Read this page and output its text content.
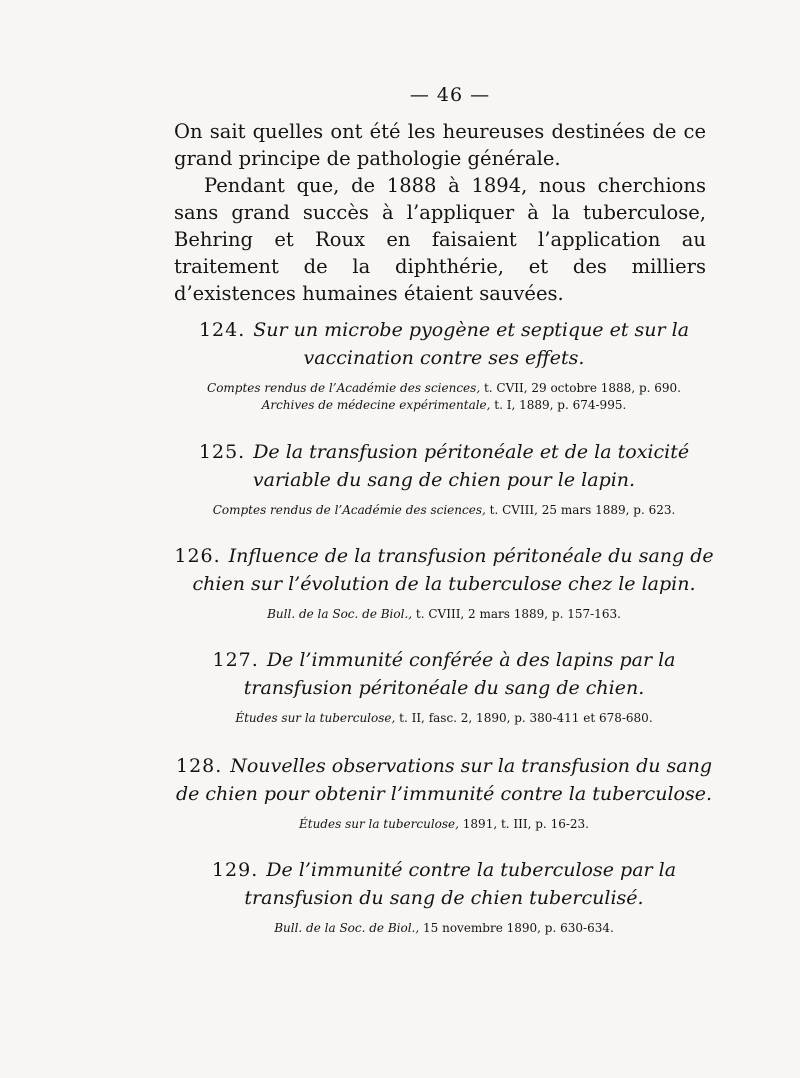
— 46 —

On sait quelles ont été les heureuses destinées de ce grand principe de pathologie générale.

Pendant que, de 1888 à 1894, nous cherchions sans grand succès à l’appliquer à la tuberculose, Behring et Roux en faisaient l’application au traitement de la diphthérie, et des milliers d’existences humaines étaient sauvées.

124. Sur un microbe pyogène et septique et sur la vaccination contre ses effets.
Comptes rendus de l’Académie des sciences, t. CVII, 29 octobre 1888, p. 690.
Archives de médecine expérimentale, t. I, 1889, p. 674-995.
125. De la transfusion péritonéale et de la toxicité variable du sang de chien pour le lapin.
Comptes rendus de l’Académie des sciences, t. CVIII, 25 mars 1889, p. 623.
126. Influence de la transfusion péritonéale du sang de chien sur l’évolution de la tuberculose chez le lapin.
Bull. de la Soc. de Biol., t. CVIII, 2 mars 1889, p. 157-163.
127. De l’immunité conférée à des lapins par la transfusion péritonéale du sang de chien.
Études sur la tuberculose, t. II, fasc. 2, 1890, p. 380-411 et 678-680.
128. Nouvelles observations sur la transfusion du sang de chien pour obtenir l’immunité contre la tuberculose.
Études sur la tuberculose, 1891, t. III, p. 16-23.
129. De l’immunité contre la tuberculose par la transfusion du sang de chien tuberculisé.
Bull. de la Soc. de Biol., 15 novembre 1890, p. 630-634.
